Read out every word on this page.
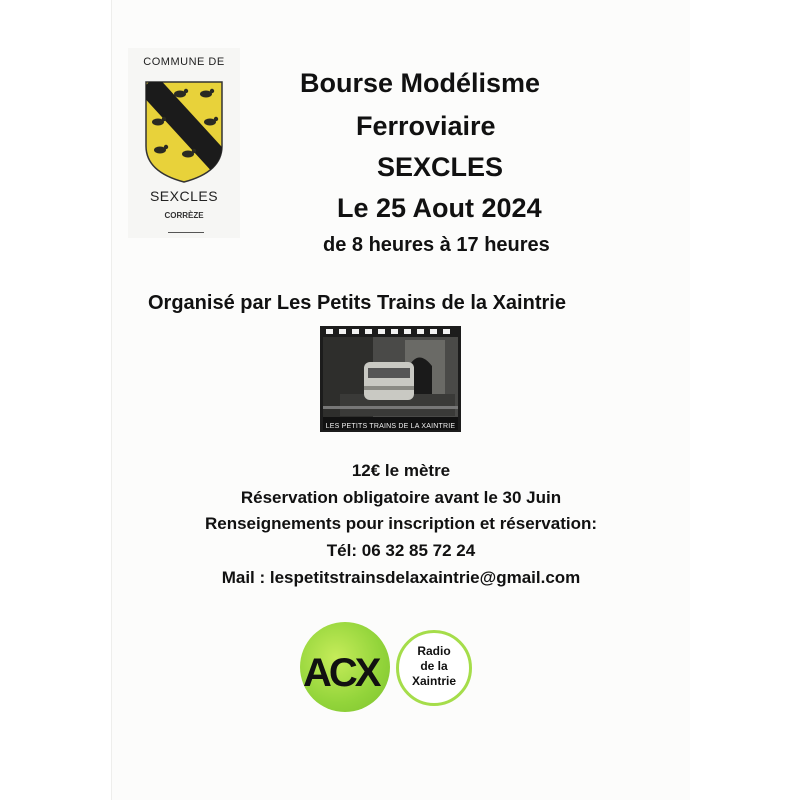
COMMUNE DE
SEXCLES
CORRÈZE
Bourse Modélisme
Ferroviaire
SEXCLES
Le 25 Aout 2024
de 8 heures à 17 heures
Organisé par Les Petits Trains de la Xaintrie
LES PETITS TRAINS DE LA XAINTRIE
12€ le mètre
Réservation obligatoire avant le 30 Juin
Renseignements pour inscription et réservation:
Tél: 06 32 85 72 24
Mail : lespetitstrainsdelaxaintrie@gmail.com
ACX	Radio
de la
Xaintrie
